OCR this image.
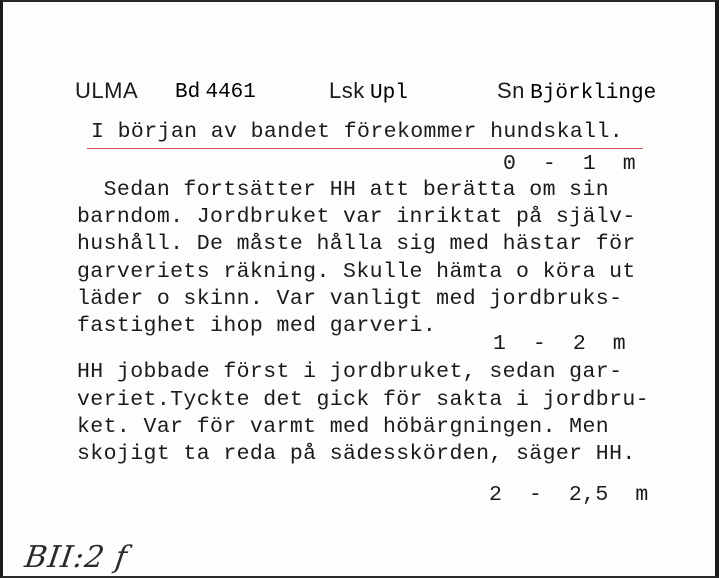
ULMA Bd 4461	Lsk Upl	Sn Björklinge
I början av bandet förekommer hundskall.
0  -  1  m
Sedan fortsätter HH att berätta om sin
barndom. Jordbruket var inriktat på själv-
hushåll. De måste hålla sig med hästar för
garveriets räkning. Skulle hämta o köra ut
läder o skinn. Var vanligt med jordbruks-
fastighet ihop med garveri.
1  -  2  m
HH jobbade först i jordbruket, sedan gar-
veriet.Tyckte det gick för sakta i jordbru-
ket. Var för varmt med höbärgningen. Men
skojigt ta reda på sädesskörden, säger HH.
2  -  2,5  m
BII:2 f
